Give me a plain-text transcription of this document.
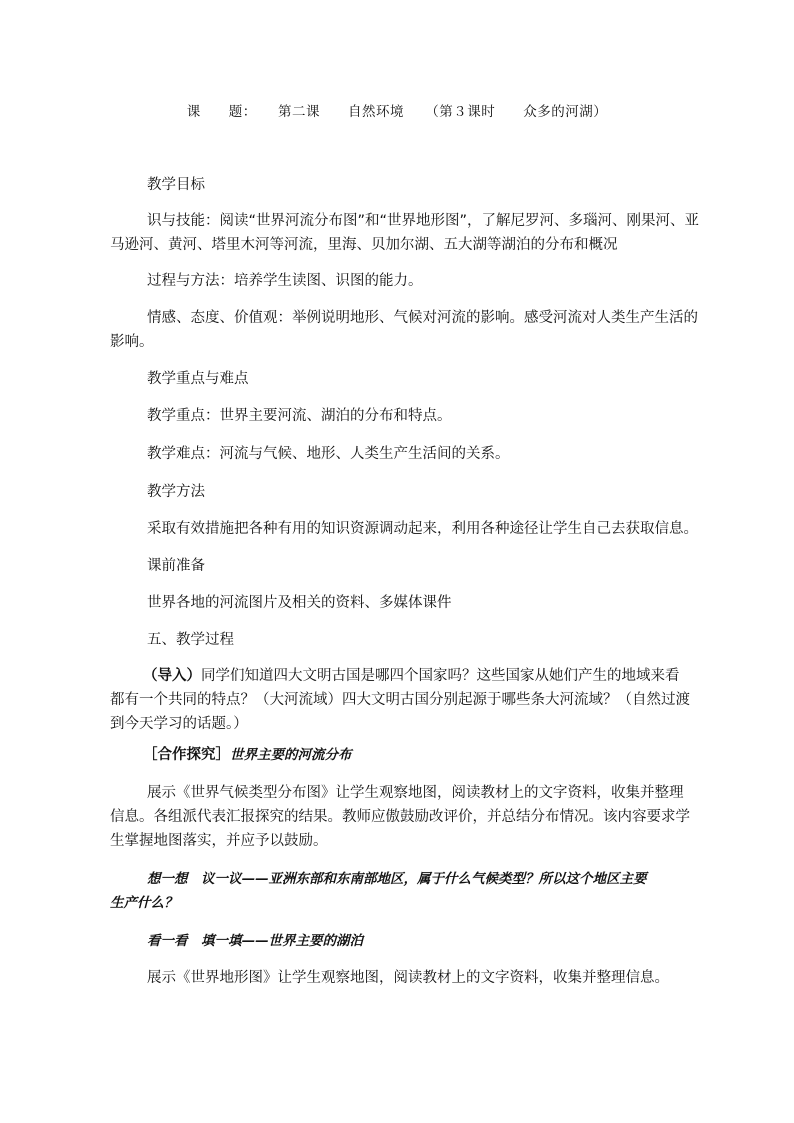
课　　题：　　第二课　　自然环境　　（第３课时　　众多的河湖）
教学目标
识与技能：阅读“世界河流分布图”和“世界地形图”，了解尼罗河、多瑙河、刚果河、亚
马逊河、黄河、塔里木河等河流，里海、贝加尔湖、五大湖等湖泊的分布和概况
过程与方法：培养学生读图、识图的能力。
情感、态度、价值观：举例说明地形、气候对河流的影响。感受河流对人类生产生活的
影响。
教学重点与难点
教学重点：世界主要河流、湖泊的分布和特点。
教学难点：河流与气候、地形、人类生产生活间的关系。
教学方法
采取有效措施把各种有用的知识资源调动起来，利用各种途径让学生自己去获取信息。
课前准备
世界各地的河流图片及相关的资料、多媒体课件
五、教学过程
（导入）同学们知道四大文明古国是哪四个国家吗？这些国家从她们产生的地域来看
都有一个共同的特点？（大河流域）四大文明古国分别起源于哪些条大河流域？（自然过渡
到今天学习的话题。）
［合作探究］世界主要的河流分布
展示《世界气候类型分布图》让学生观察地图，阅读教材上的文字资料，收集并整理
信息。各组派代表汇报探究的结果。教师应傲鼓励改评价，并总结分布情况。该内容要求学
生掌握地图落实，并应予以鼓励。
想一想　议一议——亚洲东部和东南部地区，属于什么气候类型？所以这个地区主要
生产什么？
看一看　填一填——世界主要的湖泊
展示《世界地形图》让学生观察地图，阅读教材上的文字资料，收集并整理信息。
